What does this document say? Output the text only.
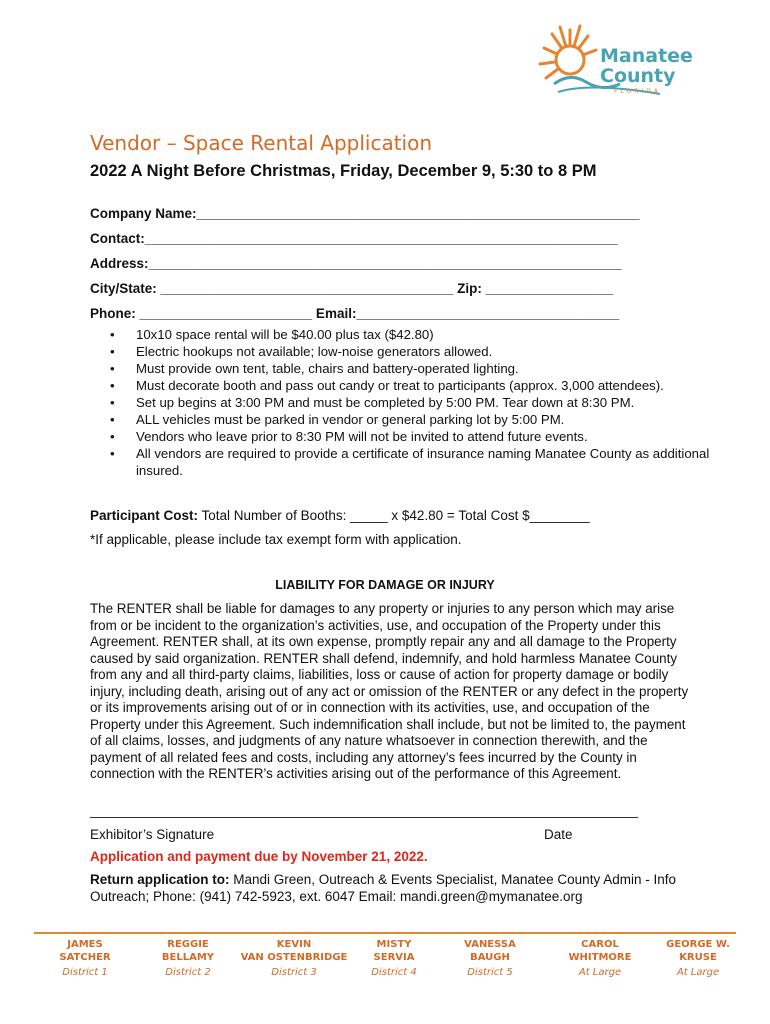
Manatee
County
FLORIDA
Vendor – Space Rental Application
2022 A Night Before Christmas, Friday, December 9, 5:30 to 8 PM
Company Name:___________________________________________________________
Contact:_______________________________________________________________
Address:_______________________________________________________________
City/State: _______________________________________ Zip: _________________
Phone: _______________________ Email:___________________________________
• 10x10 space rental will be $40.00 plus tax ($42.80)
• Electric hookups not available; low-noise generators allowed.
• Must provide own tent, table, chairs and battery-operated lighting.
• Must decorate booth and pass out candy or treat to participants (approx. 3,000 attendees).
• Set up begins at 3:00 PM and must be completed by 5:00 PM. Tear down at 8:30 PM.
• ALL vehicles must be parked in vendor or general parking lot by 5:00 PM.
• Vendors who leave prior to 8:30 PM will not be invited to attend future events.
• All vendors are required to provide a certificate of insurance naming Manatee County as additional insured.
Participant Cost: Total Number of Booths: _____ x $42.80 = Total Cost $________
*If applicable, please include tax exempt form with application.
LIABILITY FOR DAMAGE OR INJURY
The RENTER shall be liable for damages to any property or injuries to any person which may arise from or be incident to the organization’s activities, use, and occupation of the Property under this Agreement. RENTER shall, at its own expense, promptly repair any and all damage to the Property caused by said organization. RENTER shall defend, indemnify, and hold harmless Manatee County from any and all third-party claims, liabilities, loss or cause of action for property damage or bodily injury, including death, arising out of any act or omission of the RENTER or any defect in the property or its improvements arising out of or in connection with its activities, use, and occupation of the Property under this Agreement. Such indemnification shall include, but not be limited to, the payment of all claims, losses, and judgments of any nature whatsoever in connection therewith, and the payment of all related fees and costs, including any attorney’s fees incurred by the County in connection with the RENTER’s activities arising out of the performance of this Agreement.
Exhibitor’s Signature	Date
Application and payment due by November 21, 2022.
Return application to: Mandi Green, Outreach & Events Specialist, Manatee County Admin - Info Outreach; Phone: (941) 742-5923, ext. 6047 Email: mandi.green@mymanatee.org
JAMES
SATCHER
District 1
REGGIE
BELLAMY
District 2
KEVIN
VAN OSTENBRIDGE
District 3
MISTY
SERVIA
District 4
VANESSA
BAUGH
District 5
CAROL
WHITMORE
At Large
GEORGE W.
KRUSE
At Large
